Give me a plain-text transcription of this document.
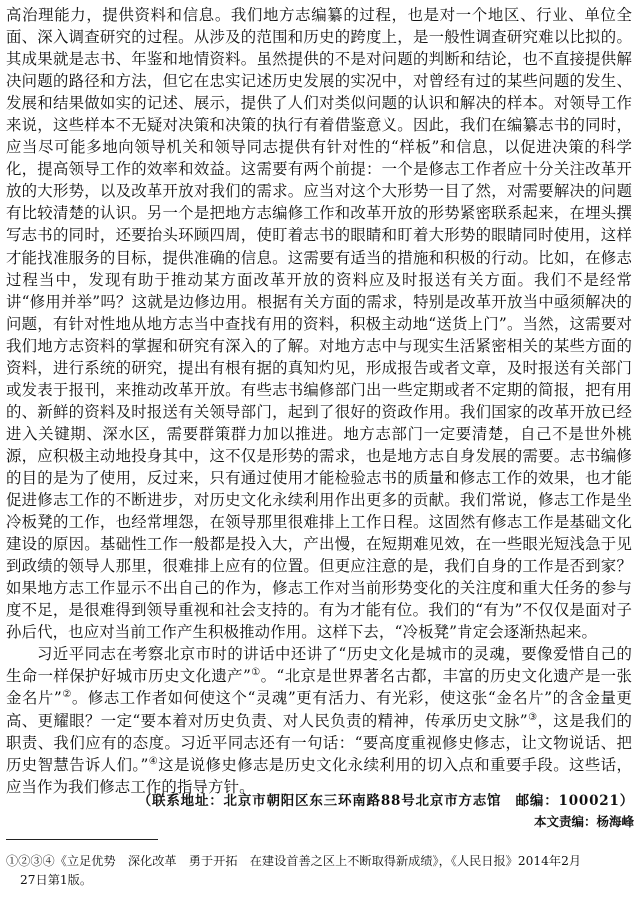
高治理能力，提供资料和信息。我们地方志编纂的过程，也是对一个地区、行业、单位全面、深入调查研究的过程。从涉及的范围和历史的跨度上，是一般性调查研究难以比拟的。其成果就是志书、年鉴和地情资料。虽然提供的不是对问题的判断和结论，也不直接提供解决问题的路径和方法，但它在忠实记述历史发展的实况中，对曾经有过的某些问题的发生、发展和结果做如实的记述、展示，提供了人们对类似问题的认识和解决的样本。对领导工作来说，这些样本不无疑对决策和决策的执行有着借鉴意义。因此，我们在编纂志书的同时，应当尽可能多地向领导机关和领导同志提供有针对性的“样板”和信息，以促进决策的科学化，提高领导工作的效率和效益。这需要有两个前提：一个是修志工作者应十分关注改革开放的大形势，以及改革开放对我们的需求。应当对这个大形势一目了然，对需要解决的问题有比较清楚的认识。另一个是把地方志编修工作和改革开放的形势紧密联系起来，在埋头撰写志书的同时，还要抬头环顾四周，使盯着志书的眼睛和盯着大形势的眼睛同时使用，这样才能找准服务的目标，提供准确的信息。这需要有适当的措施和积极的行动。比如，在修志过程当中，发现有助于推动某方面改革开放的资料应及时报送有关方面。我们不是经常讲“修用并举”吗？这就是边修边用。根据有关方面的需求，特别是改革开放当中亟须解决的问题，有针对性地从地方志当中查找有用的资料，积极主动地“送货上门”。当然，这需要对我们地方志资料的掌握和研究有深入的了解。对地方志中与现实生活紧密相关的某些方面的资料，进行系统的研究，提出有根有据的真知灼见，形成报告或者文章，及时报送有关部门或发表于报刊，来推动改革开放。有些志书编修部门出一些定期或者不定期的简报，把有用的、新鲜的资料及时报送有关领导部门，起到了很好的资政作用。我们国家的改革开放已经进入关键期、深水区，需要群策群力加以推进。地方志部门一定要清楚，自己不是世外桃源，应积极主动地投身其中，这不仅是形势的需求，也是地方志自身发展的需要。志书编修的目的是为了使用，反过来，只有通过使用才能检验志书的质量和修志工作的效果，也才能促进修志工作的不断进步，对历史文化永续利用作出更多的贡献。我们常说，修志工作是坐冷板凳的工作，也经常埋怨，在领导那里很难排上工作日程。这固然有修志工作是基础文化建设的原因。基础性工作一般都是投入大，产出慢，在短期难见效，在一些眼光短浅急于见到政绩的领导人那里，很难排上应有的位置。但更应注意的是，我们自身的工作是否到家？如果地方志工作显示不出自己的作为，修志工作对当前形势变化的关注度和重大任务的参与度不足，是很难得到领导重视和社会支持的。有为才能有位。我们的“有为”不仅仅是面对子孙后代，也应对当前工作产生积极推动作用。这样下去，“冷板凳”肯定会逐渐热起来。

习近平同志在考察北京市时的讲话中还讲了“历史文化是城市的灵魂，要像爱惜自己的生命一样保护好城市历史文化遗产”①。“北京是世界著名古都，丰富的历史文化遗产是一张金名片”②。修志工作者如何使这个“灵魂”更有活力、有光彩，使这张“金名片”的含金量更高、更耀眼？一定“要本着对历史负责、对人民负责的精神，传承历史文脉”③，这是我们的职责、我们应有的态度。习近平同志还有一句话：“要高度重视修史修志，让文物说话、把历史智慧告诉人们。”④这是说修史修志是历史文化永续利用的切入点和重要手段。这些话，应当作为我们修志工作的指导方针。

（联系地址：北京市朝阳区东三环南路88号北京市方志馆　邮编：100021）
本文责编：杨海峰
①②③④《立足优势　深化改革　勇于开拓　在建设首善之区上不断取得新成绩》，《人民日报》2014年2月
27日第1版。
